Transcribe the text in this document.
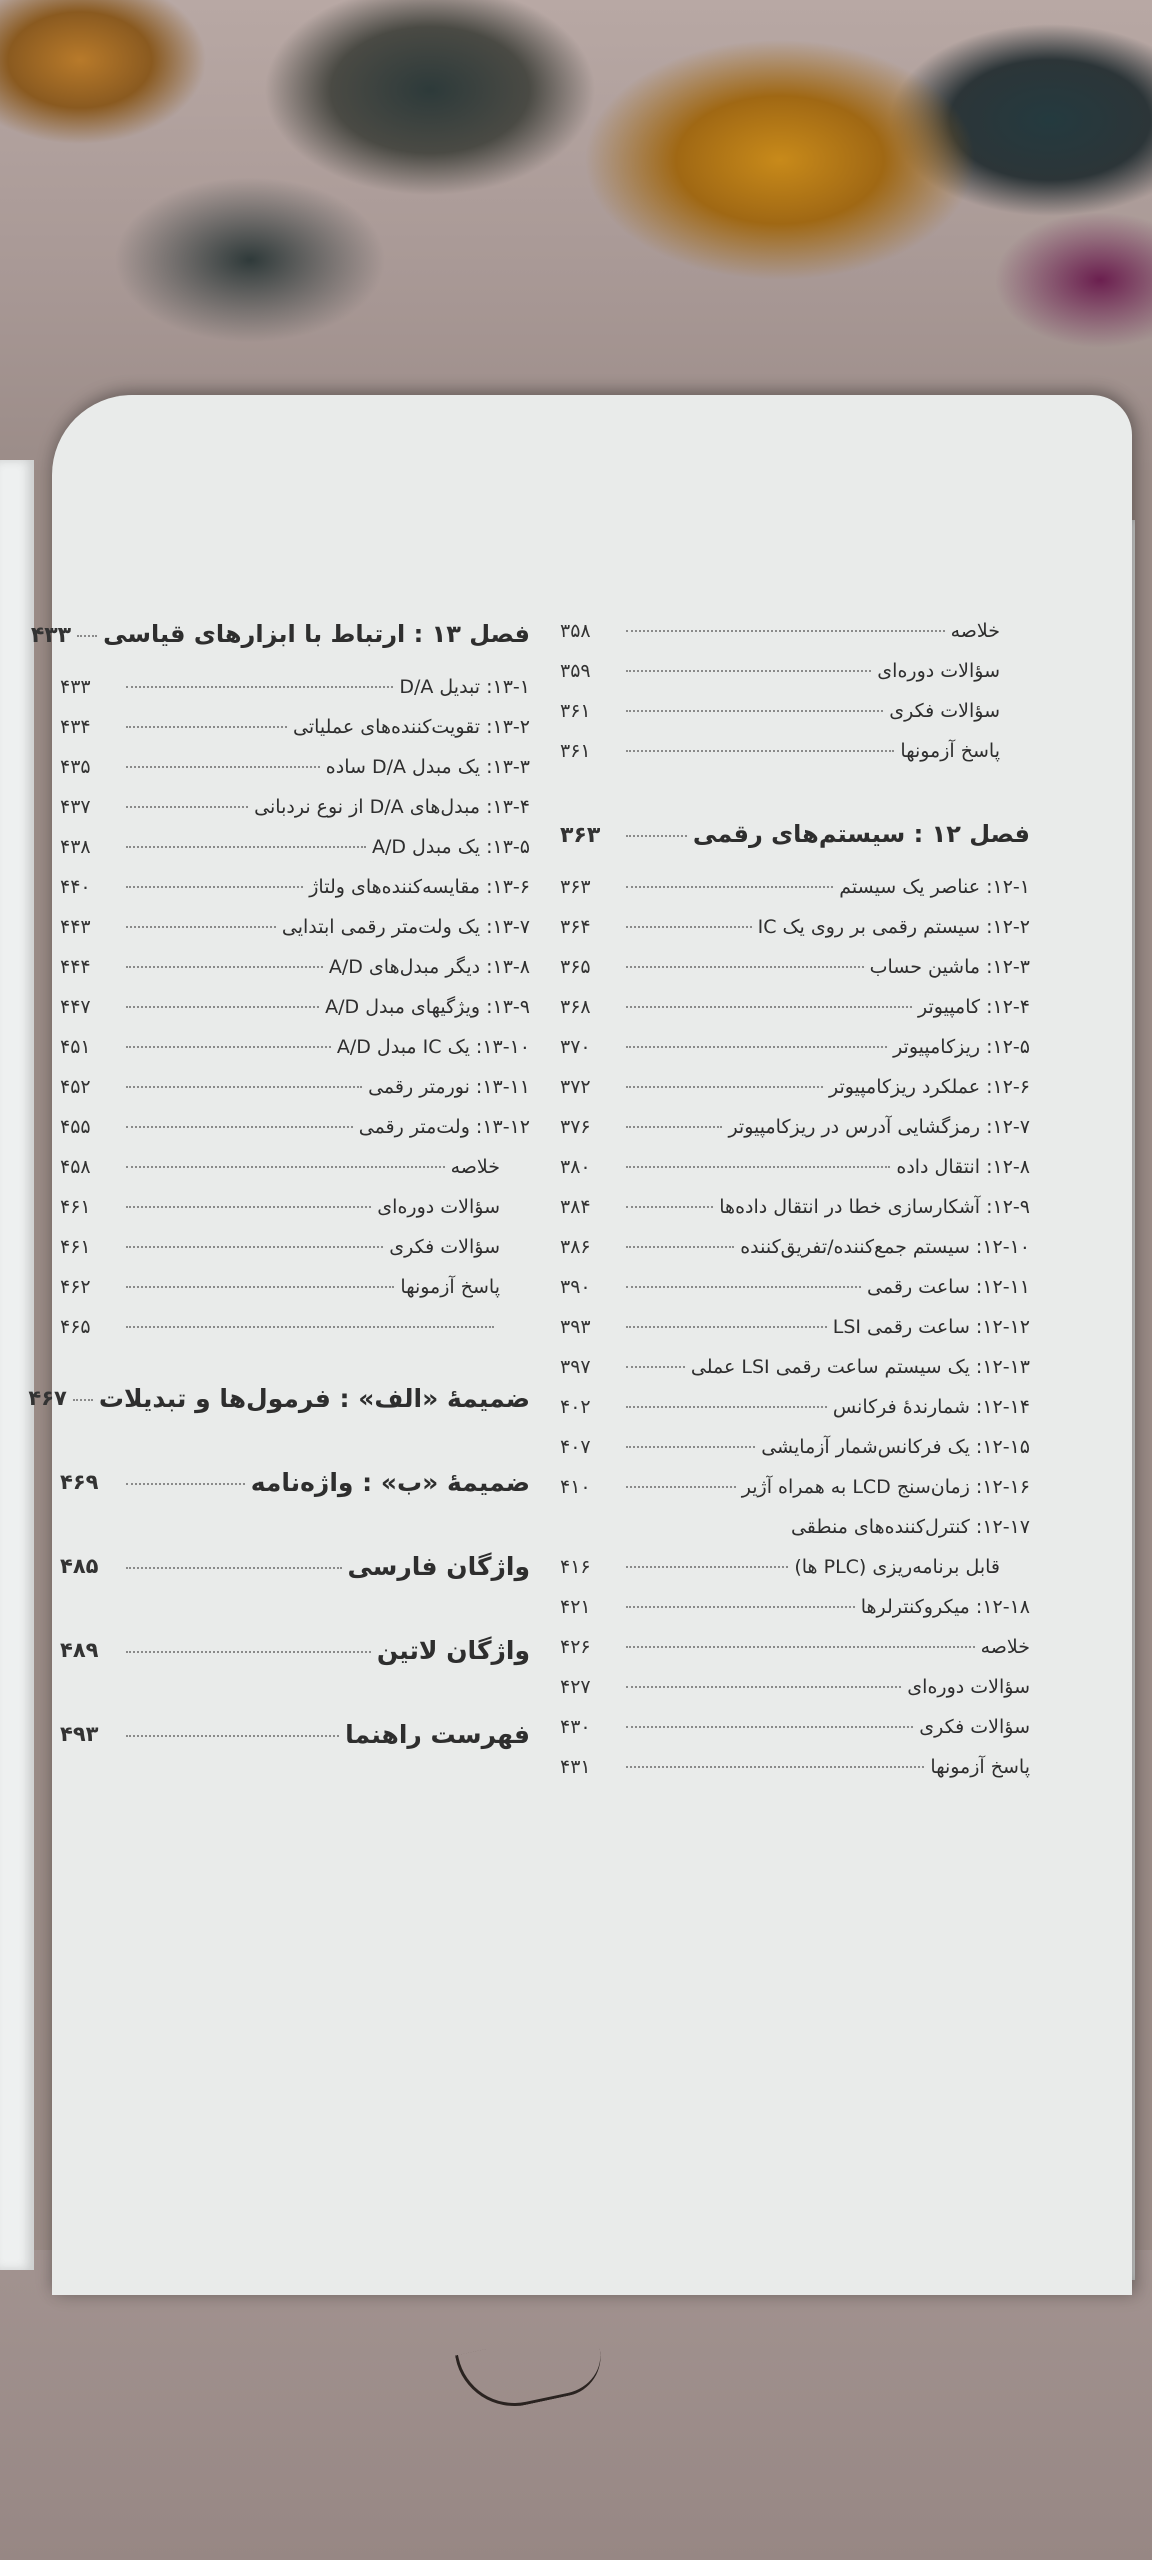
خلاصه
۳۵۸
سؤالات دوره‌ای
۳۵۹
سؤالات فکری
۳۶۱
پاسخ آزمونها
۳۶۱
فصل ۱۲ : سیستم‌های رقمی
۳۶۳
۱۲-۱: عناصر یک سیستم
۳۶۳
۱۲-۲: سیستم رقمی بر روی یک IC
۳۶۴
۱۲-۳: ماشین حساب
۳۶۵
۱۲-۴: کامپیوتر
۳۶۸
۱۲-۵: ریزکامپیوتر
۳۷۰
۱۲-۶: عملکرد ریزکامپیوتر
۳۷۲
۱۲-۷: رمزگشایی آدرس در ریزکامپیوتر
۳۷۶
۱۲-۸: انتقال داده
۳۸۰
۱۲-۹: آشکارسازی خطا در انتقال داده‌ها
۳۸۴
۱۲-۱۰: سیستم جمع‌کننده/تفریق‌کننده
۳۸۶
۱۲-۱۱: ساعت رقمی
۳۹۰
۱۲-۱۲: ساعت رقمی LSI
۳۹۳
۱۲-۱۳: یک سیستم ساعت رقمی LSI عملی
۳۹۷
۱۲-۱۴: شمارندهٔ فرکانس
۴۰۲
۱۲-۱۵: یک فرکانس‌شمار آزمایشی
۴۰۷
۱۲-۱۶: زمان‌سنج LCD به همراه آژیر
۴۱۰
۱۲-۱۷: کنترل‌کننده‌های منطقی
قابل برنامه‌ریزی (PLC ها)
۴۱۶
۱۲-۱۸: میکروکنترلرها
۴۲۱
خلاصه
۴۲۶
سؤالات دوره‌ای
۴۲۷
سؤالات فکری
۴۳۰
پاسخ آزمونها
۴۳۱
فصل ۱۳ : ارتباط با ابزارهای قیاسی
۴۳۳
۱۳-۱: تبدیل D/A
۴۳۳
۱۳-۲: تقویت‌کننده‌های عملیاتی
۴۳۴
۱۳-۳: یک مبدل D/A ساده
۴۳۵
۱۳-۴: مبدل‌های D/A از نوع نردبانی
۴۳۷
۱۳-۵: یک مبدل A/D
۴۳۸
۱۳-۶: مقایسه‌کننده‌های ولتاژ
۴۴۰
۱۳-۷: یک ولت‌متر رقمی ابتدایی
۴۴۳
۱۳-۸: دیگر مبدل‌های A/D
۴۴۴
۱۳-۹: ویژگیهای مبدل A/D
۴۴۷
۱۳-۱۰: یک IC مبدل A/D
۴۵۱
۱۳-۱۱: نورمتر رقمی
۴۵۲
۱۳-۱۲: ولت‌متر رقمی
۴۵۵
خلاصه
۴۵۸
سؤالات دوره‌ای
۴۶۱
سؤالات فکری
۴۶۱
پاسخ آزمونها
۴۶۲
۴۶۵
ضمیمهٔ «الف» : فرمول‌ها و تبدیلات
۴۶۷
ضمیمهٔ «ب» : واژه‌نامه
۴۶۹
واژگان فارسی
۴۸۵
واژگان لاتین
۴۸۹
فهرست راهنما
۴۹۳
